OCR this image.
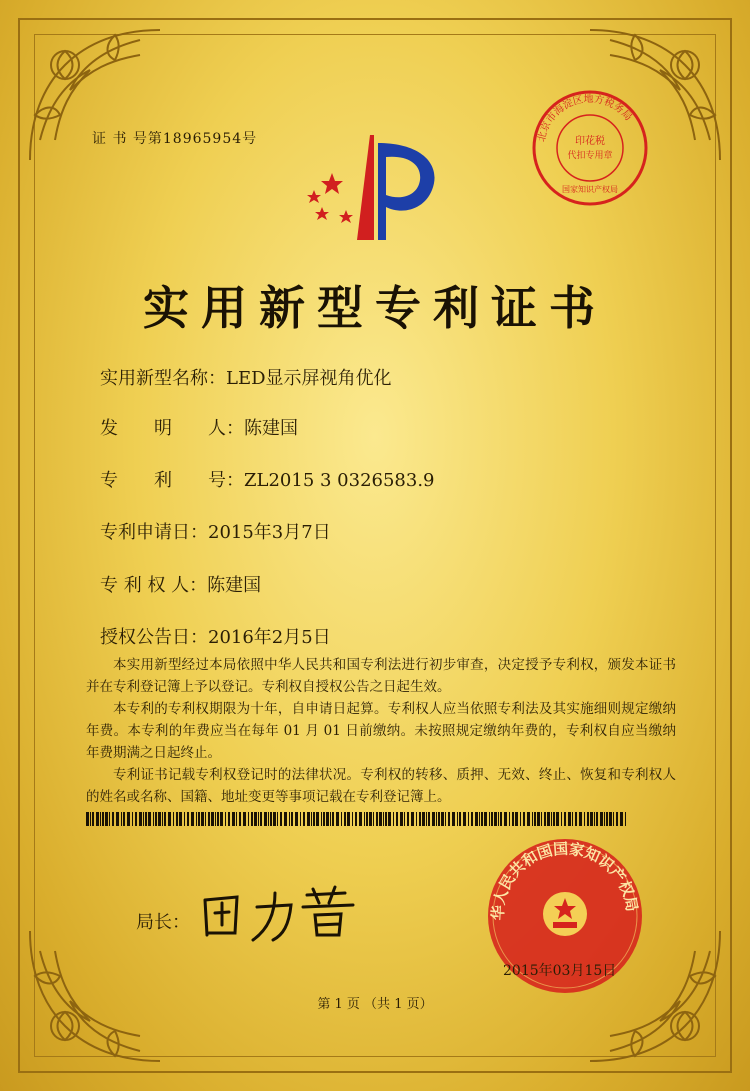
证 书 号第18965954号	北京市海淀区地方税务局
印花税
代扣专用章
国家知识产权局
实用新型专利证书
实用新型名称：LED显示屏视角优化
发　　明　　人：陈建国
专　　利　　号：ZL2015 3 0326583.9
专利申请日：2015年3月7日
专 利 权 人：陈建国
授权公告日：2016年2月5日
本实用新型经过本局依照中华人民共和国专利法进行初步审查，决定授予专利权，颁发本证书并在专利登记簿上予以登记。专利权自授权公告之日起生效。
本专利的专利权期限为十年，自申请日起算。专利权人应当依照专利法及其实施细则规定缴纳年费。本专利的年费应当在每年 01 月 01 日前缴纳。未按照规定缴纳年费的，专利权自应当缴纳年费期满之日起终止。
专利证书记载专利权登记时的法律状况。专利权的转移、质押、无效、终止、恢复和专利权人的姓名或名称、国籍、地址变更等事项记载在专利登记簿上。
局长：	华人民共和国国家知识产权局
2015年03月15日
第 1 页 （共 1 页）
